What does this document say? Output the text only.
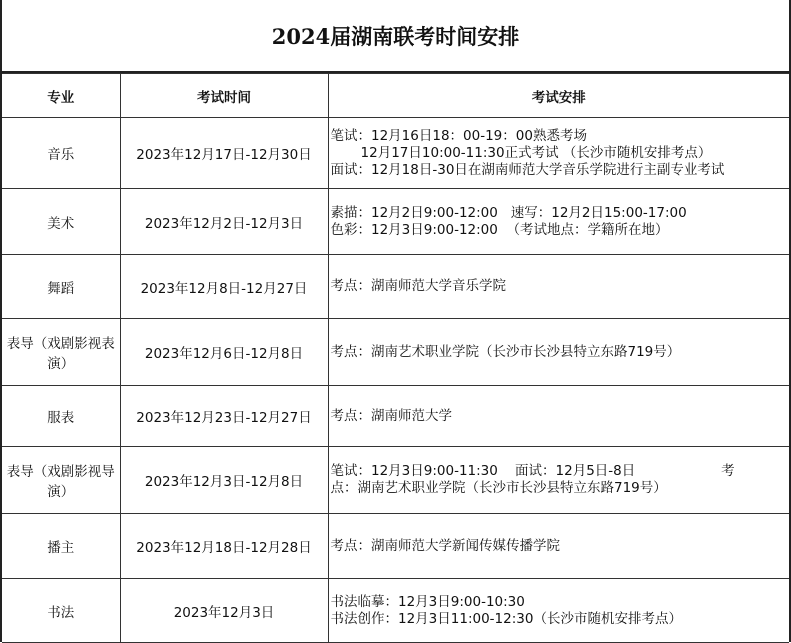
2024届湖南联考时间安排
专业	考试时间	考试安排
音乐	2023年12月17日-12月30日	笔试：12月16日18：00-19：00熟悉考场
12月17日10:00-11:30正式考试 （长沙市随机安排考点）
面试：12月18日-30日在湖南师范大学音乐学院进行主副专业考试

美术	2023年12月2日-12月3日	素描：12月2日9:00-12:00   速写：12月2日15:00-17:00
色彩：12月3日9:00-12:00  （考试地点：学籍所在地）

舞蹈	2023年12月8日-12月27日	考点：湖南师范大学音乐学院

表导（戏剧影视表演）	2023年12月6日-12月8日	考点：湖南艺术职业学院（长沙市长沙县特立东路719号）

服表	2023年12月23日-12月27日	考点：湖南师范大学

表导（戏剧影视导演）	2023年12月3日-12月8日	笔试：12月3日9:00-11:30    面试：12月5日-8日                    考
点：湖南艺术职业学院（长沙市长沙县特立东路719号）

播主	2023年12月18日-12月28日	考点：湖南师范大学新闻传媒传播学院

书法	2023年12月3日	书法临摹：12月3日9:00-10:30
书法创作：12月3日11:00-12:30（长沙市随机安排考点）
